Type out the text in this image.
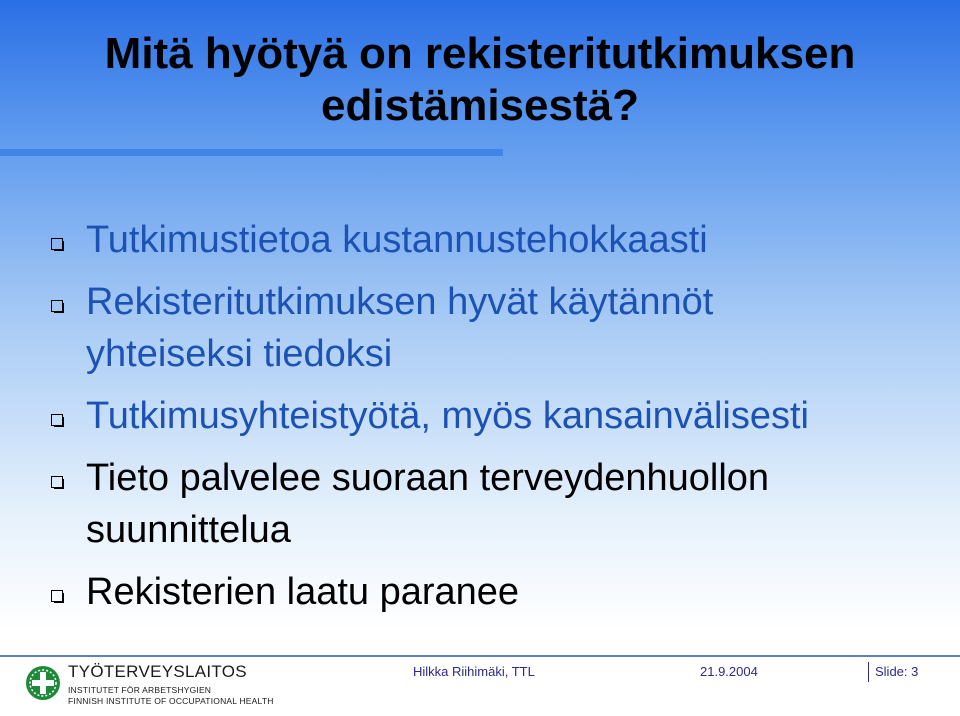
Mitä hyötyä on rekisteritutkimuksen
edistämisestä?
Tutkimustietoa kustannustehokkaasti
Rekisteritutkimuksen hyvät käytännöt
yhteiseksi tiedoksi
Tutkimusyhteistyötä, myös kansainvälisesti
Tieto palvelee suoraan terveydenhuollon
suunnittelua
Rekisterien laatu paranee
TYÖTERVEYSLAITOS
INSTITUTET FÖR ARBETSHYGIEN
FINNISH INSTITUTE OF OCCUPATIONAL HEALTH
Hilkka Riihimäki, TTL	21.9.2004	Slide: 3
